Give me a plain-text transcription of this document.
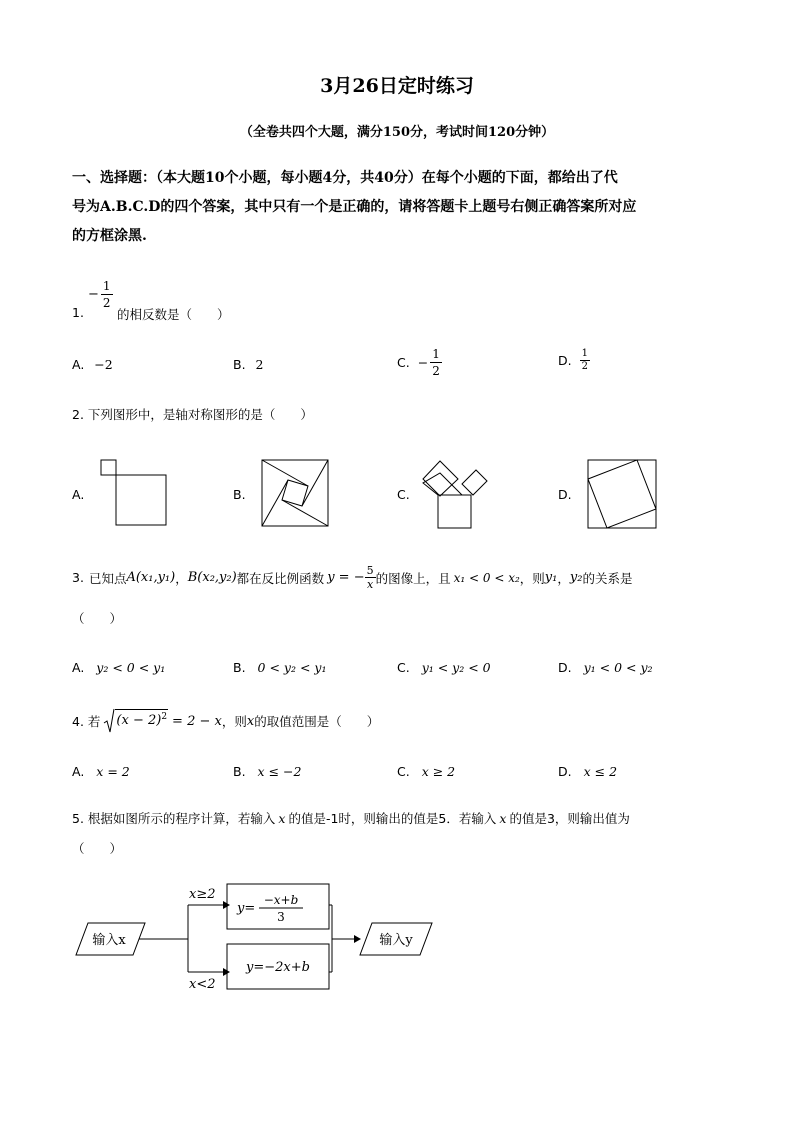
3月26日定时练习
（全卷共四个大题，满分150分，考试时间120分钟）
一、选择题：（本大题10个小题，每小题4分，共40分）在每个小题的下面，都给出了代
号为A.B.C.D的四个答案，其中只有一个是正确的，请将答题卡上题号右侧正确答案所对应
的方框涂黑.
1.
− $\frac{1}{2}$
的相反数是（　　）
A. −2	B. 2	C. − $\frac{1}{2}$	D. $\frac{1}{2}$
2. 下列图形中，是轴对称图形的是（　　）
A.	B.	C.	D.
3. 已知点 A(x₁,y₁) ， B(x₂,y₂) 都在反比例函数 y = − $\frac{5}{x}$ 的图像上，且 x₁ < 0 < x₂ ，则 y₁ ， y₂ 的关系是
（　　）
A. y₂ < 0 < y₁	B. 0 < y₂ < y₁	C. y₁ < y₂ < 0	D. y₁ < 0 < y₂
4. 若 $(x - 2)^2 = 2 - x$ ，则 x 的取值范围是（　　）
A. x = 2	B. x ≤ −2	C. x ≥ 2	D. x ≤ 2
5. 根据如图所示的程序计算，若输入 x 的值是-1时，则输出的值是5．若输入 x 的值是3，则输出值为
（　　）
输入x
x≥2
x<2
y=
−x+b
3
y=−2x+b
输入y
